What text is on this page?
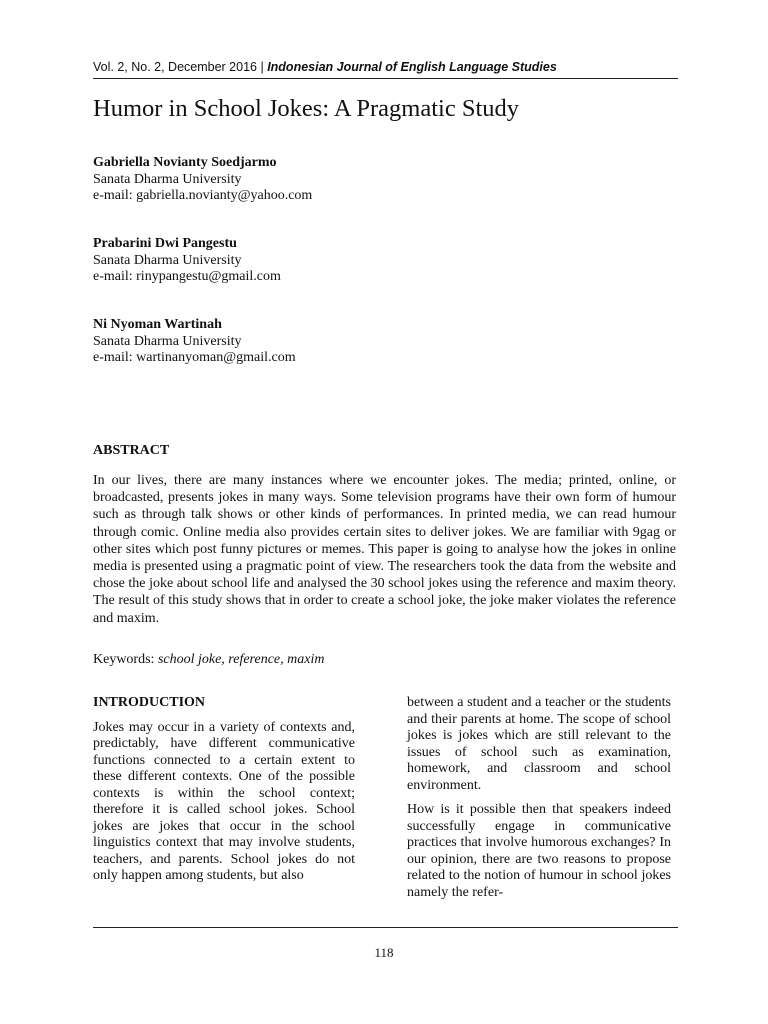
Vol. 2, No. 2, December 2016 | Indonesian Journal of English Language Studies
Humor in School Jokes: A Pragmatic Study
Gabriella Novianty Soedjarmo
Sanata Dharma University
e-mail: gabriella.novianty@yahoo.com
Prabarini Dwi Pangestu
Sanata Dharma University
e-mail: rinypangestu@gmail.com
Ni Nyoman Wartinah
Sanata Dharma University
e-mail: wartinanyoman@gmail.com
ABSTRACT

In our lives, there are many instances where we encounter jokes. The media; printed, online, or broadcasted, presents jokes in many ways. Some television programs have their own form of humour such as through talk shows or other kinds of performances. In printed media, we can read humour through comic. Online media also provides certain sites to deliver jokes. We are familiar with 9gag or other sites which post funny pictures or memes. This paper is going to analyse how the jokes in online media is presented using a pragmatic point of view. The researchers took the data from the website and chose the joke about school life and analysed the 30 school jokes using the reference and maxim theory. The result of this study shows that in order to create a school joke, the joke maker violates the reference and maxim.

Keywords: school joke, reference, maxim

INTRODUCTION

Jokes may occur in a variety of contexts and, predictably, have different communicative functions connected to a certain extent to these different contexts. One of the possible contexts is within the school context; therefore it is called school jokes. School jokes are jokes that occur in the school linguistics context that may involve students, teachers, and parents. School jokes do not only happen among students, but also

between a student and a teacher or the students and their parents at home. The scope of school jokes is jokes which are still relevant to the issues of school such as examination, homework, and classroom and school environment.

How is it possible then that speakers indeed successfully engage in communicative practices that involve humorous exchanges? In our opinion, there are two reasons to propose related to the notion of humour in school jokes namely the refer-

118
